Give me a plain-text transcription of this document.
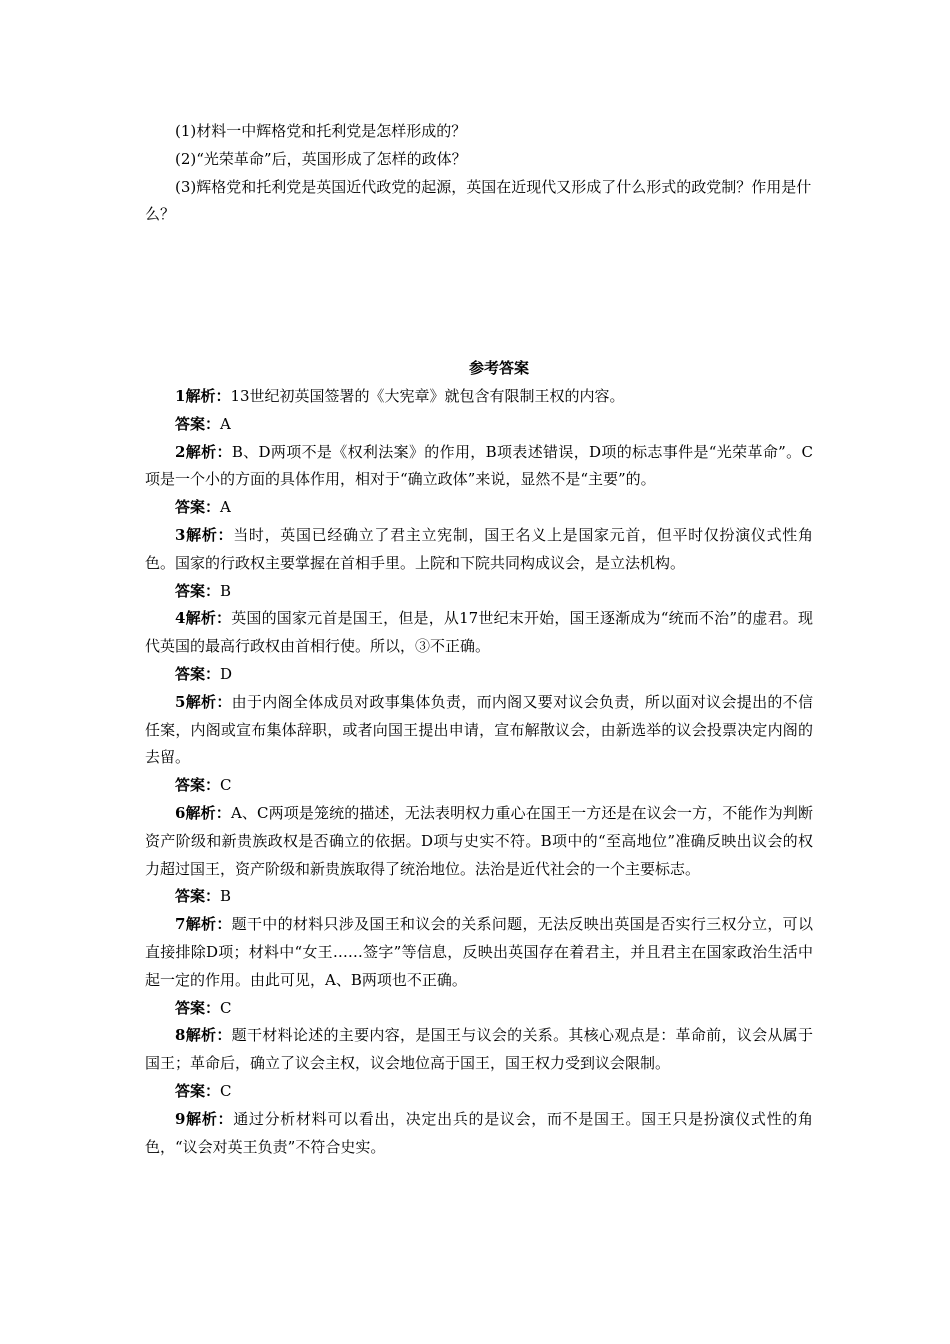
(1)材料一中辉格党和托利党是怎样形成的？

(2)“光荣革命”后，英国形成了怎样的政体？

(3)辉格党和托利党是英国近代政党的起源，英国在近现代又形成了什么形式的政党制？作用是什么？

参考答案

1解析：13世纪初英国签署的《大宪章》就包含有限制王权的内容。

答案：A

2解析：B、D两项不是《权利法案》的作用，B项表述错误，D项的标志事件是“光荣革命”。C项是一个小的方面的具体作用，相对于“确立政体”来说，显然不是“主要”的。

答案：A

3解析：当时，英国已经确立了君主立宪制，国王名义上是国家元首，但平时仅扮演仪式性角色。国家的行政权主要掌握在首相手里。上院和下院共同构成议会，是立法机构。

答案：B

4解析：英国的国家元首是国王，但是，从17世纪末开始，国王逐渐成为“统而不治”的虚君。现代英国的最高行政权由首相行使。所以，③不正确。

答案：D

5解析：由于内阁全体成员对政事集体负责，而内阁又要对议会负责，所以面对议会提出的不信任案，内阁或宣布集体辞职，或者向国王提出申请，宣布解散议会，由新选举的议会投票决定内阁的去留。

答案：C

6解析：A、C两项是笼统的描述，无法表明权力重心在国王一方还是在议会一方，不能作为判断资产阶级和新贵族政权是否确立的依据。D项与史实不符。B项中的“至高地位”准确反映出议会的权力超过国王，资产阶级和新贵族取得了统治地位。法治是近代社会的一个主要标志。

答案：B

7解析：题干中的材料只涉及国王和议会的关系问题，无法反映出英国是否实行三权分立，可以直接排除D项；材料中“女王……签字”等信息，反映出英国存在着君主，并且君主在国家政治生活中起一定的作用。由此可见，A、B两项也不正确。

答案：C

8解析：题干材料论述的主要内容，是国王与议会的关系。其核心观点是：革命前，议会从属于国王；革命后，确立了议会主权，议会地位高于国王，国王权力受到议会限制。

答案：C

9解析：通过分析材料可以看出，决定出兵的是议会，而不是国王。国王只是扮演仪式性的角色，“议会对英王负责”不符合史实。
